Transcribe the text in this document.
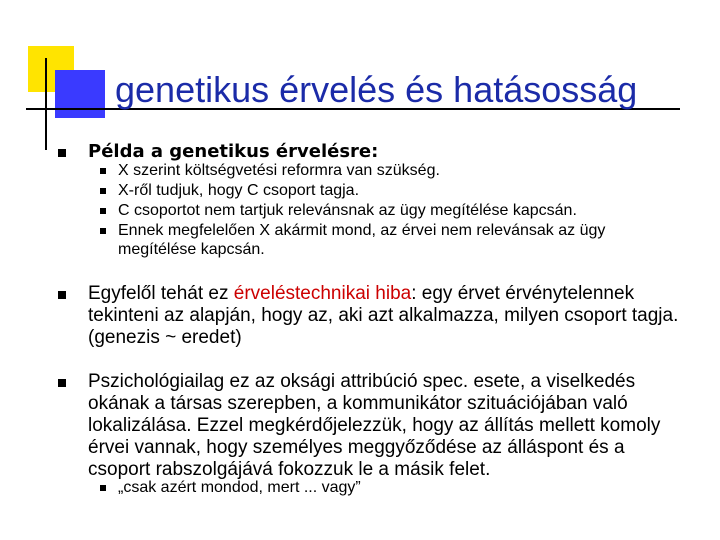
genetikus érvelés és hatásosság
Példa a genetikus érvelésre:
X szerint költségvetési reformra van szükség.
X-ről tudjuk, hogy C csoport tagja.
C csoportot nem tartjuk relevánsnak az ügy megítélése kapcsán.
Ennek megfelelően X akármit mond, az érvei nem relevánsak az ügy megítélése kapcsán.
Egyfelől tehát ez érveléstechnikai hiba: egy érvet érvénytelennek tekinteni az alapján, hogy az, aki azt alkalmazza, milyen csoport tagja. (genezis ~ eredet)
Pszichológiailag ez az oksági attribúció spec. esete, a viselkedés okának a társas szerepben, a kommunikátor szituációjában való lokalizálása. Ezzel megkérdőjelezzük, hogy az állítás mellett komoly érvei vannak, hogy személyes meggyőződése az álláspont és a csoport rabszolgájává fokozzuk le a másik felet.
„csak azért mondod, mert ... vagy”
